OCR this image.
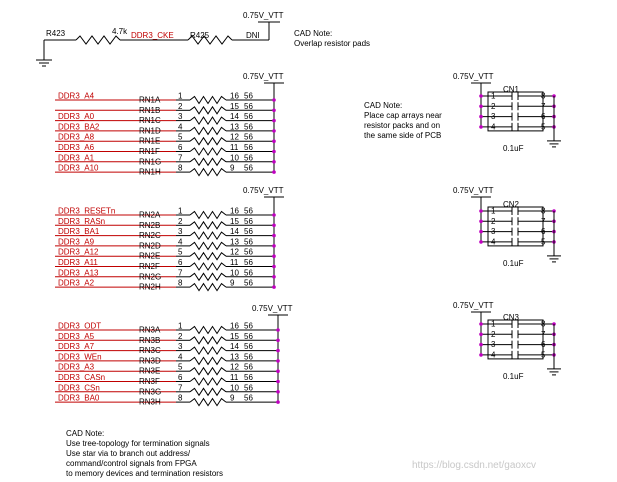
0.75V_VTT
R423	4.7k DDR3_CKE R425	DNI	CAD Note:
Overlap resistor pads
0.75V_VTT
DDR3_A4	RN1A 1	16 56
RN1B 2	15 56
DDR3_A0	RN1C 3	14 56
DDR3_BA2	RN1D 4	13 56
DDR3_A8	RN1E 5	12 56
DDR3_A6	RN1F 6	11 56
DDR3_A1	RN1G 7	10 56
DDR3_A10	RN1H 8	9 56
0.75V_VTT
DDR3_RESETn	RN2A 1	16 56
DDR3_RASn	RN2B 2	15 56
DDR3_BA1	RN2C 3	14 56
DDR3_A9	RN2D 4	13 56
DDR3_A12	RN2E 5	12 56
DDR3_A11	RN2F 6	11 56
DDR3_A13	RN2G 7	10 56
DDR3_A2	RN2H 8	9 56
0.75V_VTT
DDR3_ODT	RN3A 1	16 56
DDR3_A5	RN3B 2	15 56
DDR3_A7	RN3C 3	14 56
DDR3_WEn	RN3D 4	13 56
DDR3_A3	RN3E 5	12 56
DDR3_CASn	RN3F 6	11 56
DDR3_CSn	RN3G 7	10 56
DDR3_BA0	RN3H 8	9 56
0.75V_VTT
CN1
1	8
2	7
3	6
4	5
0.1uF
0.75V_VTT
CN2
1	8
2	7
3	6
4	5
0.1uF
0.75V_VTT
CN3
1	8
2	7
3	6
4	5
0.1uF
CAD Note:
Place cap arrays near
resistor packs and on
the same side of PCB
CAD Note:
Use tree-topology for termination signals
Use star via to branch out address/
command/control signals from FPGA
to memory devices and termination resistors
https://blog.csdn.net/gaoxcv
